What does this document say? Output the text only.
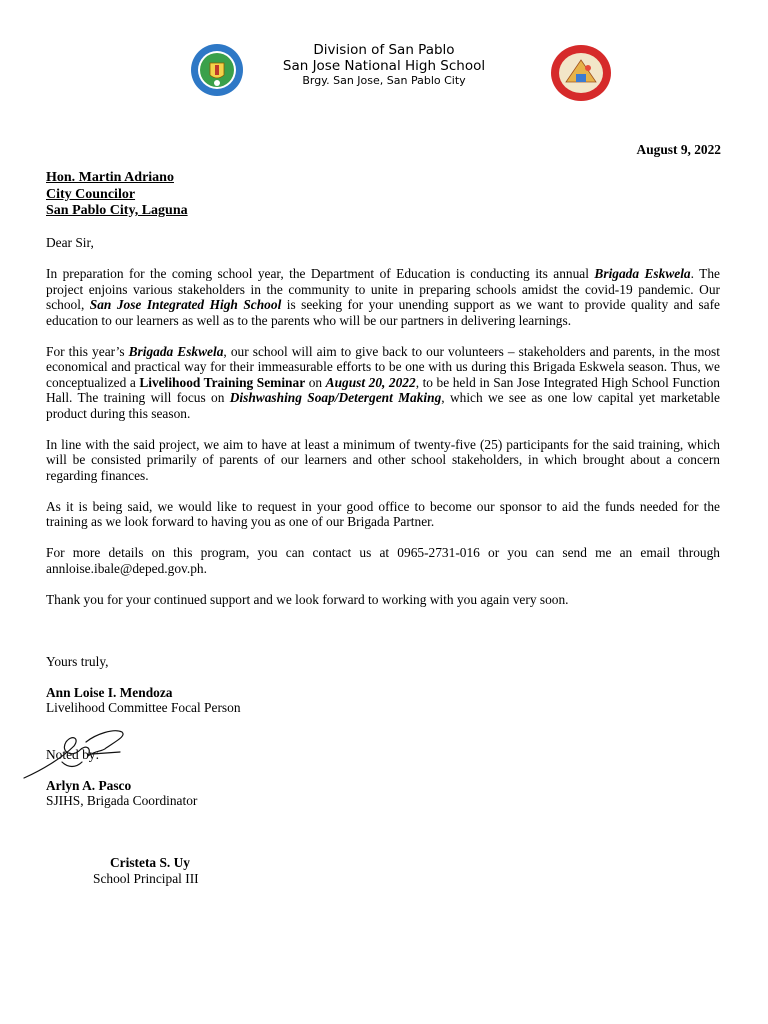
Division of San Pablo
San Jose National High School
Brgy. San Jose, San Pablo City
August 9, 2022
Hon. Martin Adriano
City Councilor
San Pablo City, Laguna

Dear Sir,

In preparation for the coming school year, the Department of Education is conducting its annual Brigada Eskwela. The project enjoins various stakeholders in the community to unite in preparing schools amidst the covid-19 pandemic. Our school, San Jose Integrated High School is seeking for your unending support as we want to provide quality and safe education to our learners as well as to the parents who will be our partners in delivering learnings.

For this year’s Brigada Eskwela, our school will aim to give back to our volunteers – stakeholders and parents, in the most economical and practical way for their immeasurable efforts to be one with us during this Brigada Eskwela season. Thus, we conceptualized a Livelihood Training Seminar on August 20, 2022, to be held in San Jose Integrated High School Function Hall. The training will focus on Dishwashing Soap/Detergent Making, which we see as one low capital yet marketable product during this season.

In line with the said project, we aim to have at least a minimum of twenty-five (25) participants for the said training, which will be consisted primarily of parents of our learners and other school stakeholders, in which brought about a concern regarding finances.

As it is being said, we would like to request in your good office to become our sponsor to aid the funds needed for the training as we look forward to having you as one of our Brigada Partner.

For more details on this program, you can contact us at 0965-2731-016 or you can send me an email through annloise.ibale@deped.gov.ph.

Thank you for your continued support and we look forward to working with you again very soon.

Yours truly,

Ann Loise I. Mendoza

Livelihood Committee Focal Person

Noted by:

Arlyn A. Pasco

SJIHS, Brigada Coordinator

Cristeta S. Uy

School Principal III
